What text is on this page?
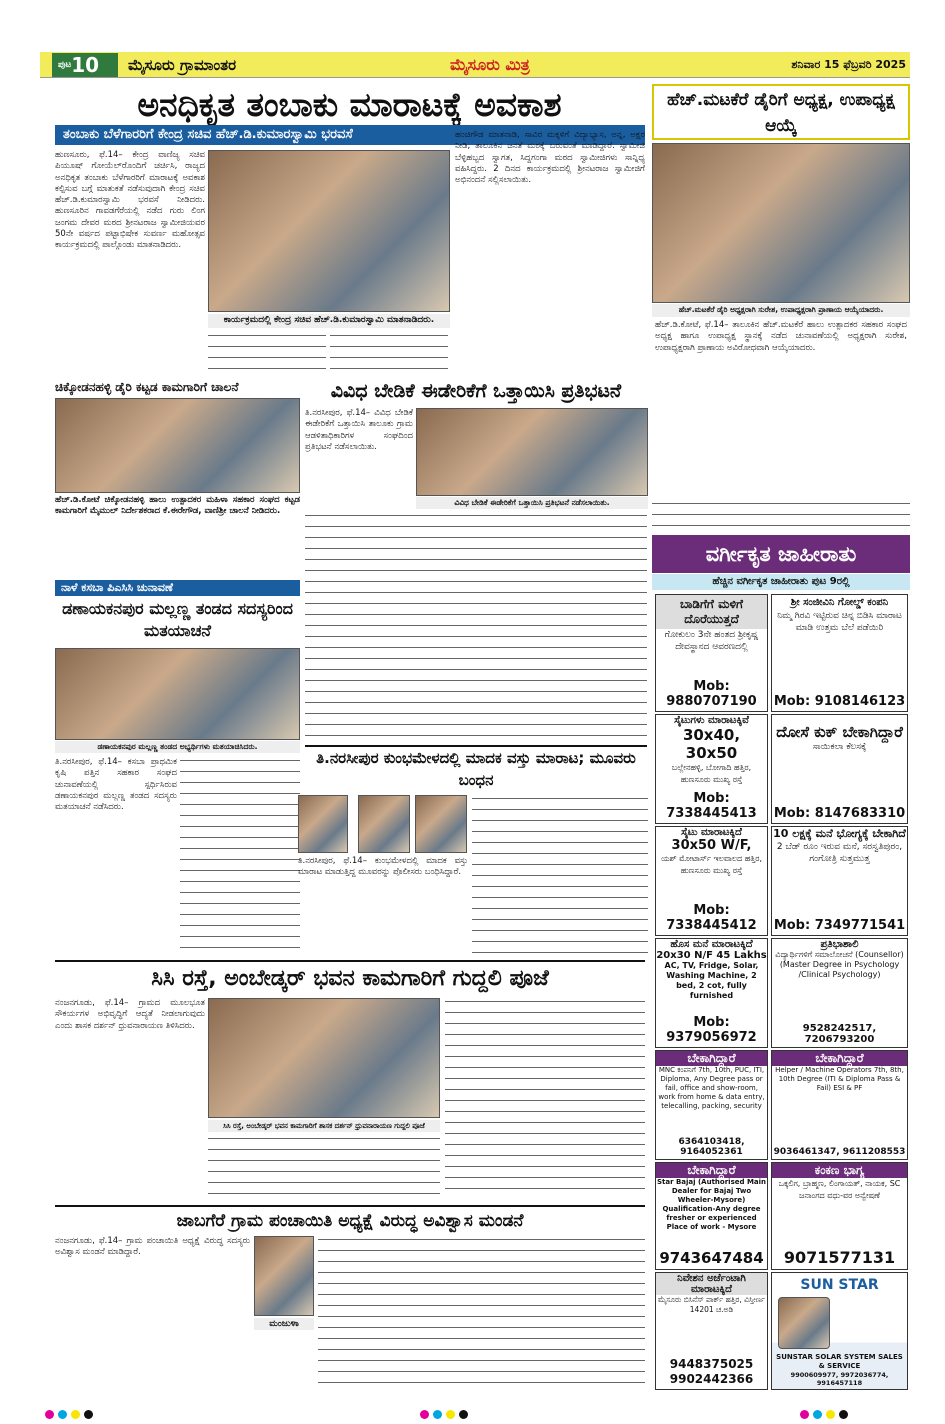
$^{ಪುಟ}$10	ಮೈಸೂರು ಗ್ರಾಮಾಂತರ	ಮೈಸೂರು ಮಿತ್ರ	ಶನಿವಾರ 15 ಫೆಬ್ರವರಿ 2025
ಅನಧಿಕೃತ ತಂಬಾಕು ಮಾರಾಟಕ್ಕೆ ಅವಕಾಶ
ತಂಬಾಕು ಬೆಳೆಗಾರರಿಗೆ ಕೇಂದ್ರ ಸಚಿವ ಹೆಚ್.ಡಿ.ಕುಮಾರಸ್ವಾಮಿ ಭರವಸೆ
ಹುಣಸೂರು, ಫೆ.14– ಕೇಂದ್ರ ವಾಣಿಜ್ಯ ಸಚಿವ ಪಿಯೂಷ್ ಗೋಯೆಲ್‌ರೊಂದಿಗೆ ಚರ್ಚಿಸಿ, ರಾಜ್ಯದ ಅನಧಿಕೃತ ತಂಬಾಕು ಬೆಳೆಗಾರರಿಗೆ ಮಾರಾಟಕ್ಕೆ ಅವಕಾಶ ಕಲ್ಪಿಸುವ ಬಗ್ಗೆ ಮಾತುಕತೆ ನಡೆಸುವುದಾಗಿ ಕೇಂದ್ರ ಸಚಿವ ಹೆಚ್.ಡಿ.ಕುಮಾರಸ್ವಾಮಿ ಭರವಸೆ ನೀಡಿದರು. ಹುಣಸೂರಿನ ಗಾವಡಗೆರೆಯಲ್ಲಿ ನಡೆದ ಗುರು ಲಿಂಗ ಜಂಗಮ ದೇವರ ಮಠದ ಶ್ರೀನಟರಾಜ ಸ್ವಾಮೀಜಿಯವರ 50ನೇ ವರ್ಷದ ಪಟ್ಟಾಭಿಷೇಕ ಸುವರ್ಣ ಮಹೋತ್ಸವ ಕಾರ್ಯಕ್ರಮದಲ್ಲಿ ಪಾಲ್ಗೊಂಡು ಮಾತನಾಡಿದರು.
ಕಾರ್ಯಕ್ರಮದಲ್ಲಿ ಕೇಂದ್ರ ಸಚಿವ ಹೆಚ್.ಡಿ.ಕುಮಾರಸ್ವಾಮಿ ಮಾತನಾಡಿದರು.
ಹಂಚಿಗೌಡ ಮಾತನಾಡಿ, ಸಾವಿರ ಮಕ್ಕಳಿಗೆ ವಿದ್ಯಾಭ್ಯಾಸ, ಅನ್ನ, ಅಕ್ಷರ ನೀಡಿ, ತಾಲೂಕಿನ ಜನತೆ ಮಠಕ್ಕೆ ಬರುವಂತೆ ಮಾಡಿದ್ದಾರೆ. ಸ್ವಾಮೀಜಿ ಬೆಳ್ಳಿಹಬ್ಬದ ಸ್ವಾಗತ, ಸಿದ್ದಗಂಗಾ ಮಠದ ಸ್ವಾಮೀಜಿಗಳು ಸಾನ್ನಿಧ್ಯ ವಹಿಸಿದ್ದರು. 2 ದಿನದ ಕಾರ್ಯಕ್ರಮದಲ್ಲಿ ಶ್ರೀನಟರಾಜ ಸ್ವಾಮೀಜಿಗೆ ಅಭಿನಂದನೆ ಸಲ್ಲಿಸಲಾಯಿತು.
ಹೆಚ್.ಮಟಕೆರೆ ಡೈರಿಗೆ ಅಧ್ಯಕ್ಷ, ಉಪಾಧ್ಯಕ್ಷ ಆಯ್ಕೆ
ಹೆಚ್.ಮಟಕೆರೆ ಡೈರಿ ಅಧ್ಯಕ್ಷರಾಗಿ ಸುರೇಶ, ಉಪಾಧ್ಯಕ್ಷರಾಗಿ ಪ್ರಾಣಾಯ ಆಯ್ಕೆಯಾದರು.
ಹೆಚ್.ಡಿ.ಕೋಟೆ, ಫೆ.14– ತಾಲೂಕಿನ ಹೆಚ್.ಮಟಕೆರೆ ಹಾಲು ಉತ್ಪಾದಕರ ಸಹಕಾರ ಸಂಘದ ಅಧ್ಯಕ್ಷ ಹಾಗೂ ಉಪಾಧ್ಯಕ್ಷ ಸ್ಥಾನಕ್ಕೆ ನಡೆದ ಚುನಾವಣೆಯಲ್ಲಿ ಅಧ್ಯಕ್ಷರಾಗಿ ಸುರೇಶ, ಉಪಾಧ್ಯಕ್ಷರಾಗಿ ಪ್ರಾಣಾಯ ಅವಿರೋಧವಾಗಿ ಆಯ್ಕೆಯಾದರು.
ಚಿಕ್ಕೋಡನಹಳ್ಳಿ ಡೈರಿ ಕಟ್ಟಡ ಕಾಮಗಾರಿಗೆ ಚಾಲನೆ
ಹೆಚ್.ಡಿ.ಕೋಟೆ ಚಿಕ್ಕೋಡನಹಳ್ಳಿ ಹಾಲು ಉತ್ಪಾದಕರ ಮಹಿಳಾ ಸಹಕಾರ ಸಂಘದ ಕಟ್ಟಡ ಕಾಮಗಾರಿಗೆ ಮೈಮುಲ್ ನಿರ್ದೇಶಕರಾದ ಕೆ.ಈರೇಗೌಡ, ವಾಣಿಶ್ರೀ ಚಾಲನೆ ನೀಡಿದರು.
ವಿವಿಧ ಬೇಡಿಕೆ ಈಡೇರಿಕೆಗೆ ಒತ್ತಾಯಿಸಿ ಪ್ರತಿಭಟನೆ
ತಿ.ನರಸೀಪುರ, ಫೆ.14– ವಿವಿಧ ಬೇಡಿಕೆ ಈಡೇರಿಕೆಗೆ ಒತ್ತಾಯಿಸಿ ತಾಲೂಕು ಗ್ರಾಮ ಆಡಳಿತಾಧಿಕಾರಿಗಳ ಸಂಘದಿಂದ ಪ್ರತಿಭಟನೆ ನಡೆಸಲಾಯಿತು.
ವಿವಿಧ ಬೇಡಿಕೆ ಈಡೇರಿಕೆಗೆ ಒತ್ತಾಯಿಸಿ ಪ್ರತಿಭಟನೆ ನಡೆಸಲಾಯಿತು.
ನಾಳೆ ಕಸಬಾ ಪಿಎಸಿಸಿ ಚುನಾವಣೆ
ಡಣಾಯಕನಪುರ ಮಲ್ಲಣ್ಣ ತಂಡದ ಸದಸ್ಯರಿಂದ ಮತಯಾಚನೆ
ಡಣಾಯಕನಪುರ ಮಲ್ಲಣ್ಣ ತಂಡದ ಅಭ್ಯರ್ಥಿಗಳು ಮತಯಾಚಿಸಿದರು.
ತಿ.ನರಸೀಪುರ, ಫೆ.14– ಕಸಬಾ ಪ್ರಾಥಮಿಕ ಕೃಷಿ ಪತ್ತಿನ ಸಹಕಾರ ಸಂಘದ ಚುನಾವಣೆಯಲ್ಲಿ ಸ್ಪರ್ಧಿಸಿರುವ ಡಣಾಯಕನಪುರ ಮಲ್ಲಣ್ಣ ತಂಡದ ಸದಸ್ಯರು ಮತಯಾಚನೆ ನಡೆಸಿದರು.
ತಿ.ನರಸೀಪುರ ಕುಂಭಮೇಳದಲ್ಲಿ ಮಾದಕ ವಸ್ತು ಮಾರಾಟ; ಮೂವರು ಬಂಧನ
ತಿ.ನರಸೀಪುರ, ಫೆ.14– ಕುಂಭಮೇಳದಲ್ಲಿ ಮಾದಕ ವಸ್ತು ಮಾರಾಟ ಮಾಡುತ್ತಿದ್ದ ಮೂವರನ್ನು ಪೊಲೀಸರು ಬಂಧಿಸಿದ್ದಾರೆ.
ಸಿಸಿ ರಸ್ತೆ, ಅಂಬೇಡ್ಕರ್ ಭವನ ಕಾಮಗಾರಿಗೆ ಗುದ್ದಲಿ ಪೂಜೆ
ನಂಜನಗೂಡು, ಫೆ.14– ಗ್ರಾಮದ ಮೂಲಭೂತ ಸೌಕರ್ಯಗಳ ಅಭಿವೃದ್ಧಿಗೆ ಆದ್ಯತೆ ನೀಡಲಾಗುವುದು ಎಂದು ಶಾಸಕ ದರ್ಶನ್ ಧ್ರುವನಾರಾಯಣ ತಿಳಿಸಿದರು.
ಸಿಸಿ ರಸ್ತೆ, ಅಂಬೇಡ್ಕರ್ ಭವನ ಕಾಮಗಾರಿಗೆ ಶಾಸಕ ದರ್ಶನ್ ಧ್ರುವನಾರಾಯಣ ಗುದ್ದಲಿ ಪೂಜೆ
ಜಾಬಗೆರೆ ಗ್ರಾಮ ಪಂಚಾಯಿತಿ ಅಧ್ಯಕ್ಷೆ ವಿರುದ್ಧ ಅವಿಶ್ವಾಸ ಮಂಡನೆ
ನಂಜನಗೂಡು, ಫೆ.14– ಗ್ರಾಮ ಪಂಚಾಯಿತಿ ಅಧ್ಯಕ್ಷೆ ವಿರುದ್ಧ ಸದಸ್ಯರು ಅವಿಶ್ವಾಸ ಮಂಡನೆ ಮಾಡಿದ್ದಾರೆ.
ಮಂಜುಳಾ
ವರ್ಗೀಕೃತ ಜಾಹೀರಾತು
ಹೆಚ್ಚಿನ ವರ್ಗೀಕೃತ ಜಾಹೀರಾತು ಪುಟ 9ರಲ್ಲಿ
ಬಾಡಿಗೆಗೆ ಮಳಿಗೆ ದೊರೆಯುತ್ತದೆ
ಗೋಕುಲಂ 3ನೇ ಹಂತದ ಶ್ರೀಕೃಷ್ಣ ದೇವಸ್ಥಾನದ ಆವರಣದಲ್ಲಿ
Mob: 9880707190
ಶ್ರೀ ಸಂಜೀವಿನಿ ಗೋಲ್ಡ್ ಕಂಪನಿ
ನಿಮ್ಮ ಗಿರವಿ ಇಟ್ಟಿರುವ ಚಿನ್ನ ಬಿಡಿಸಿ ಮಾರಾಟ ಮಾಡಿ ಉತ್ತಮ ಬೆಲೆ ಪಡೆಯಿರಿ
Mob: 9108146123
ಸೈಟುಗಳು ಮಾರಾಟಕ್ಕಿವೆ
30x40, 30x50
ಬಲ್ಲೇನಹಳ್ಳಿ, ಬೋಗಾದಿ ಹತ್ತಿರ, ಹುಣಸೂರು ಮುಖ್ಯ ರಸ್ತೆ
Mob: 7338445413
ದೋಸೆ ಕುಕ್ ಬೇಕಾಗಿದ್ದಾರೆ
ಸಾಯಿಕಲಾ ಕೆಲಸಕ್ಕೆ
Mob: 8147683310
ಸೈಟು ಮಾರಾಟಕ್ಕಿದೆ
30x50 W/F,
ಯಶ್ ಮೋಟಾರ್ಸ್ ಇಲವಾಲದ ಹತ್ತಿರ, ಹುಣಸೂರು ಮುಖ್ಯ ರಸ್ತೆ
Mob: 7338445412
10 ಲಕ್ಷಕ್ಕೆ ಮನೆ ಭೋಗ್ಯಕ್ಕೆ ಬೇಕಾಗಿದೆ
2 ಬೆಡ್ ರೂಂ ಇರುವ ಮನೆ, ಸರಸ್ವತಿಪುರಂ, ಗಂಗೋತ್ರಿ ಸುತ್ತಮುತ್ತ
Mob: 7349771541
ಹೊಸ ಮನೆ ಮಾರಾಟಕ್ಕಿದೆ
20x30 N/F 45 Lakhs
AC, TV, Fridge, Solar, Washing Machine, 2 bed, 2 cot, fully furnished
Mob: 9379056972
ಪ್ರತಿಭಾಶಾಲಿ
ವಿದ್ಯಾರ್ಥಿಗಳಿಗೆ ಸಮಾಲೋಚನೆ (Counsellor) (Master Degree in Psychology /Clinical Psychology)
9528242517, 7206793200
ಬೇಕಾಗಿದ್ದಾರೆ
MNC ಕಂಪನಿಗೆ 7th, 10th, PUC, ITI, Diploma, Any Degree pass or fail, office and show-room, work from home & data entry, telecalling, packing, security
6364103418, 9164052361
ಬೇಕಾಗಿದ್ದಾರೆ
Helper / Machine Operators 7th, 8th, 10th Degree (ITI & Diploma Pass & Fail) ESI & PF
9036461347, 9611208553
ಬೇಕಾಗಿದ್ದಾರೆ
Star Bajaj (Authorised Main Dealer for Bajaj Two Wheeler-Mysore) Qualification-Any degree fresher or experienced Place of work - Mysore
9743647484
ಕಂಕಣ ಭಾಗ್ಯ
ಒಕ್ಕಲಿಗ, ಬ್ರಾಹ್ಮಣ, ಲಿಂಗಾಯತ್, ನಾಯಕ, SC ಜನಾಂಗದ ವಧು-ವರ ಅನ್ವೇಷಣೆ
9071577131
ನಿವೇಶನ ಅರ್ಜೆಂಟಾಗಿ ಮಾರಾಟಕ್ಕಿದೆ
ಮೈಸೂರು ಬಿಸಿನೆಸ್ ಪಾರ್ಕ್ ಹತ್ತಿರ, ವಿಸ್ತೀರ್ಣ 14201 ಚ.ಅಡಿ
9448375025
9902442366
SUN STAR
SUNSTAR SOLAR SYSTEM SALES & SERVICE
9900609977, 9972036774, 9916457118
